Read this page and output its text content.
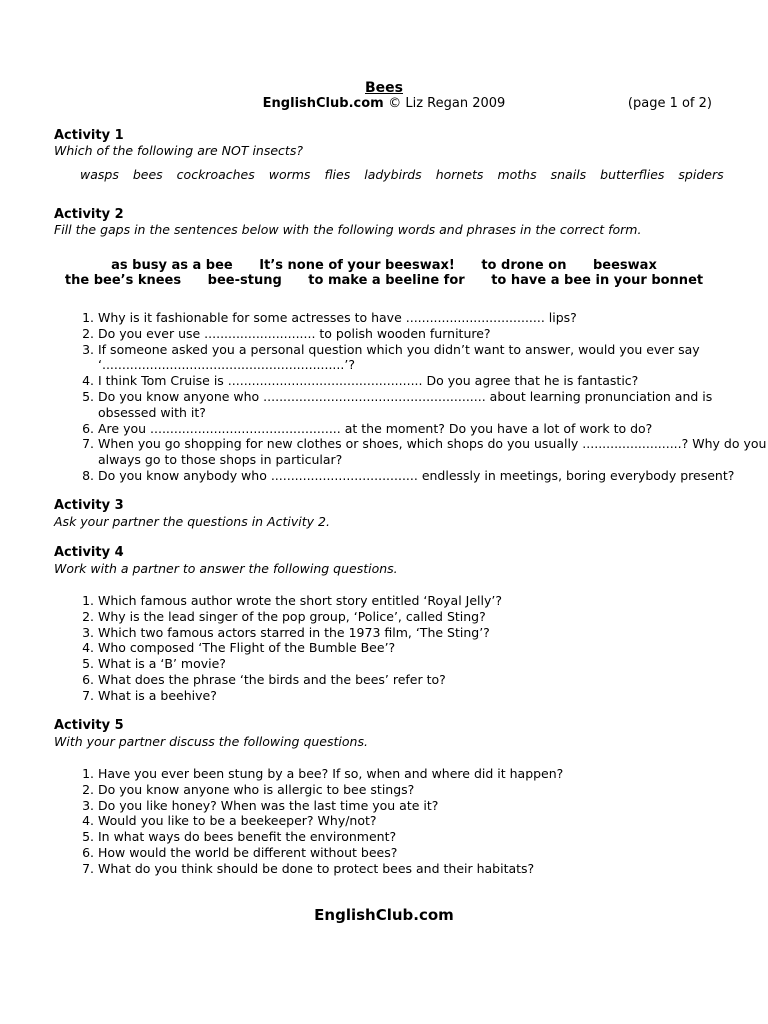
Bees
EnglishClub.com © Liz Regan 2009	(page 1 of 2)
Activity 1
Which of the following are NOT insects?
wasps bees cockroaches worms flies ladybirds hornets moths snails butterflies spiders
Activity 2
Fill the gaps in the sentences below with the following words and phrases in the correct form.
as busy as a bee It’s none of your beeswax! to drone on beeswax
the bee’s knees bee-stung to make a beeline for to have a bee in your bonnet
1. Why is it fashionable for some actresses to have ................................... lips?
2. Do you ever use ............................ to polish wooden furniture?
3. If someone asked you a personal question which you didn’t want to answer, would you ever say ‘.............................................................’?
4. I think Tom Cruise is ................................................. Do you agree that he is fantastic?
5. Do you know anyone who ........................................................ about learning pronunciation and is obsessed with it?
6. Are you ................................................ at the moment? Do you have a lot of work to do?
7. When you go shopping for new clothes or shoes, which shops do you usually .........................? Why do you always go to those shops in particular?
8. Do you know anybody who ..................................... endlessly in meetings, boring everybody present?
Activity 3
Ask your partner the questions in Activity 2.
Activity 4
Work with a partner to answer the following questions.
1. Which famous author wrote the short story entitled ‘Royal Jelly’?
2. Why is the lead singer of the pop group, ‘Police’, called Sting?
3. Which two famous actors starred in the 1973 film, ‘The Sting’?
4. Who composed ‘The Flight of the Bumble Bee’?
5. What is a ‘B’ movie?
6. What does the phrase ‘the birds and the bees’ refer to?
7. What is a beehive?
Activity 5
With your partner discuss the following questions.
1. Have you ever been stung by a bee? If so, when and where did it happen?
2. Do you know anyone who is allergic to bee stings?
3. Do you like honey? When was the last time you ate it?
4. Would you like to be a beekeeper? Why/not?
5. In what ways do bees benefit the environment?
6. How would the world be different without bees?
7. What do you think should be done to protect bees and their habitats?
EnglishClub.com
